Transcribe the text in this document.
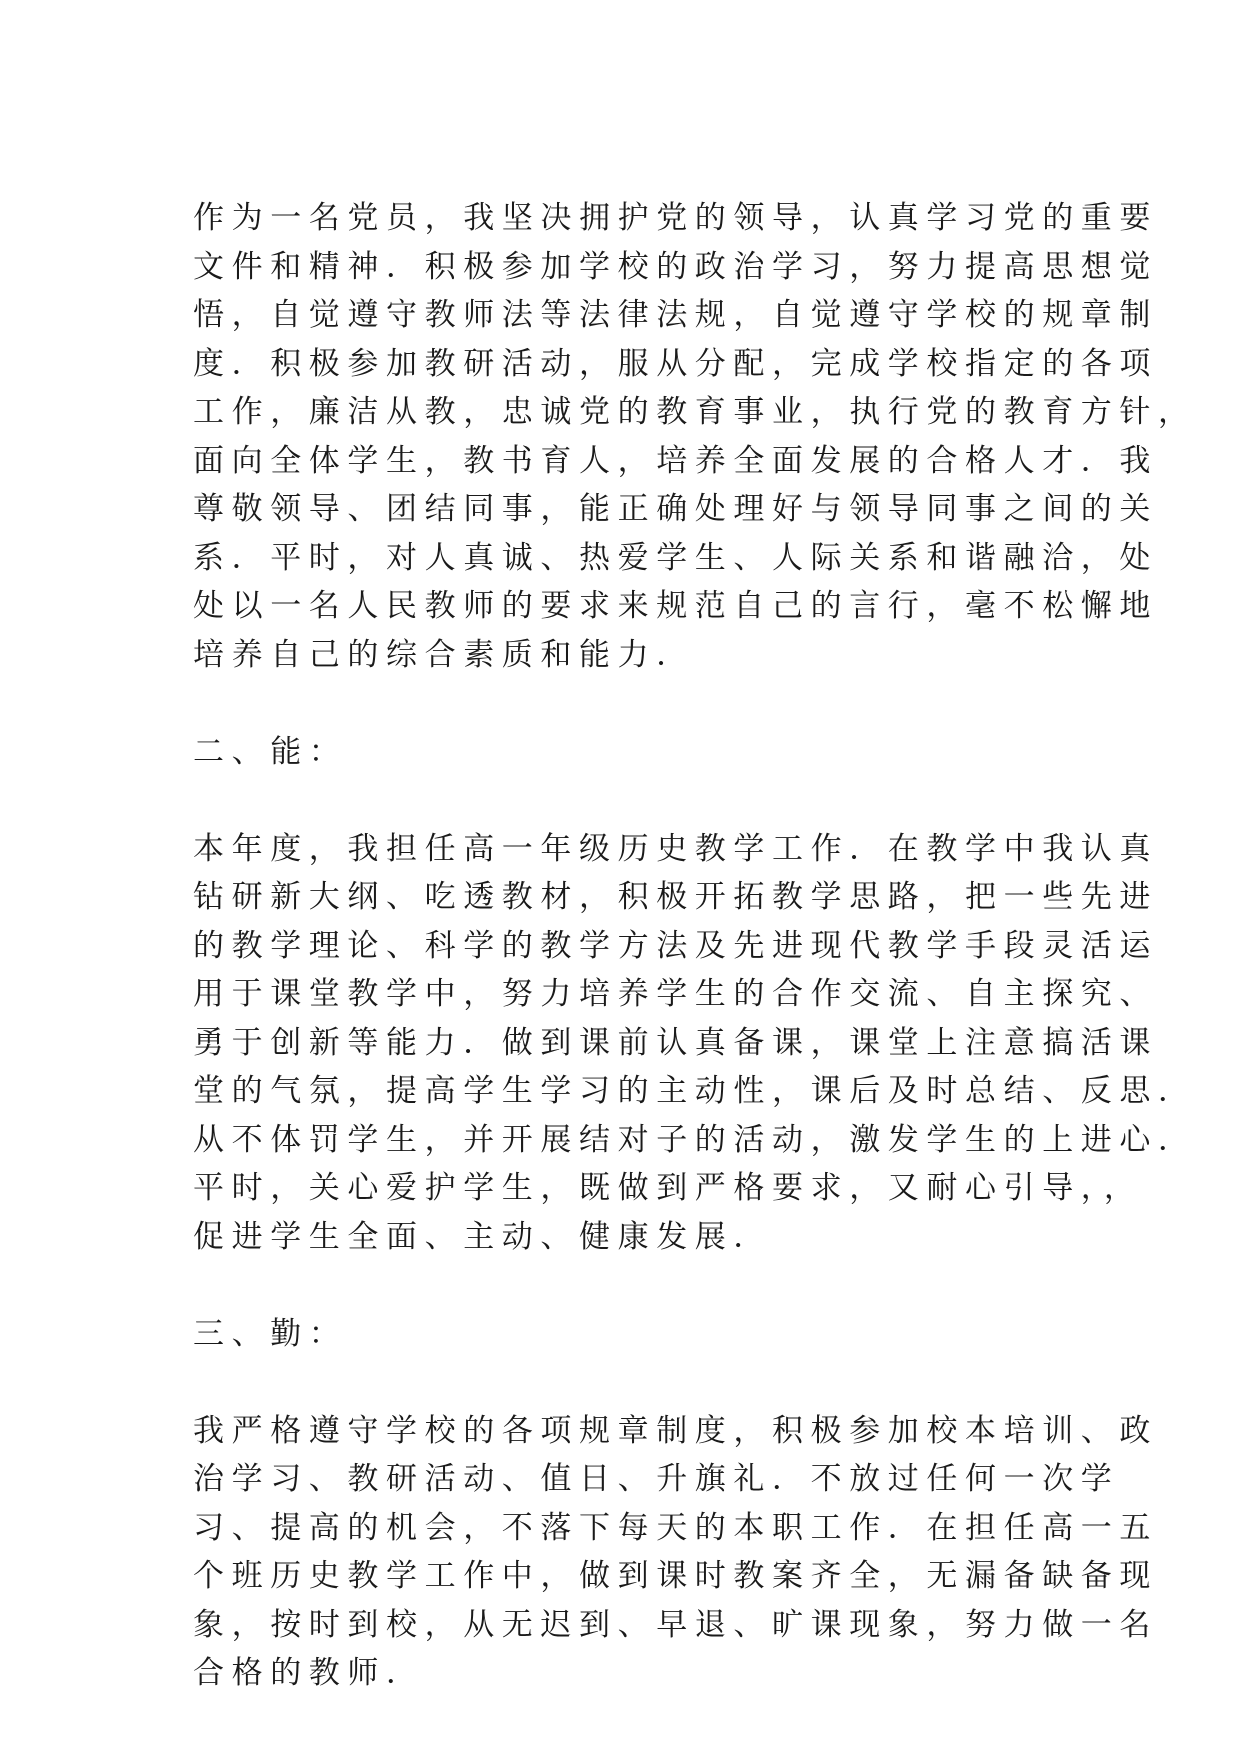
作为一名党员，我坚决拥护党的领导，认真学习党的重要
文件和精神．积极参加学校的政治学习，努力提高思想觉
悟，自觉遵守教师法等法律法规，自觉遵守学校的规章制
度．积极参加教研活动，服从分配，完成学校指定的各项
工作，廉洁从教，忠诚党的教育事业，执行党的教育方针，
面向全体学生，教书育人，培养全面发展的合格人才．我
尊敬领导、团结同事，能正确处理好与领导同事之间的关
系．平时，对人真诚、热爱学生、人际关系和谐融洽，处
处以一名人民教师的要求来规范自己的言行，毫不松懈地
培养自己的综合素质和能力．
二、能：
本年度，我担任高一年级历史教学工作．在教学中我认真
钻研新大纲、吃透教材，积极开拓教学思路，把一些先进
的教学理论、科学的教学方法及先进现代教学手段灵活运
用于课堂教学中，努力培养学生的合作交流、自主探究、
勇于创新等能力．做到课前认真备课，课堂上注意搞活课
堂的气氛，提高学生学习的主动性，课后及时总结、反思．
从不体罚学生，并开展结对子的活动，激发学生的上进心．
平时，关心爱护学生，既做到严格要求，又耐心引导，，
促进学生全面、主动、健康发展．
三、勤：
我严格遵守学校的各项规章制度，积极参加校本培训、政
治学习、教研活动、值日、升旗礼．不放过任何一次学
习、提高的机会，不落下每天的本职工作．在担任高一五
个班历史教学工作中，做到课时教案齐全，无漏备缺备现
象，按时到校，从无迟到、早退、旷课现象，努力做一名
合格的教师．
